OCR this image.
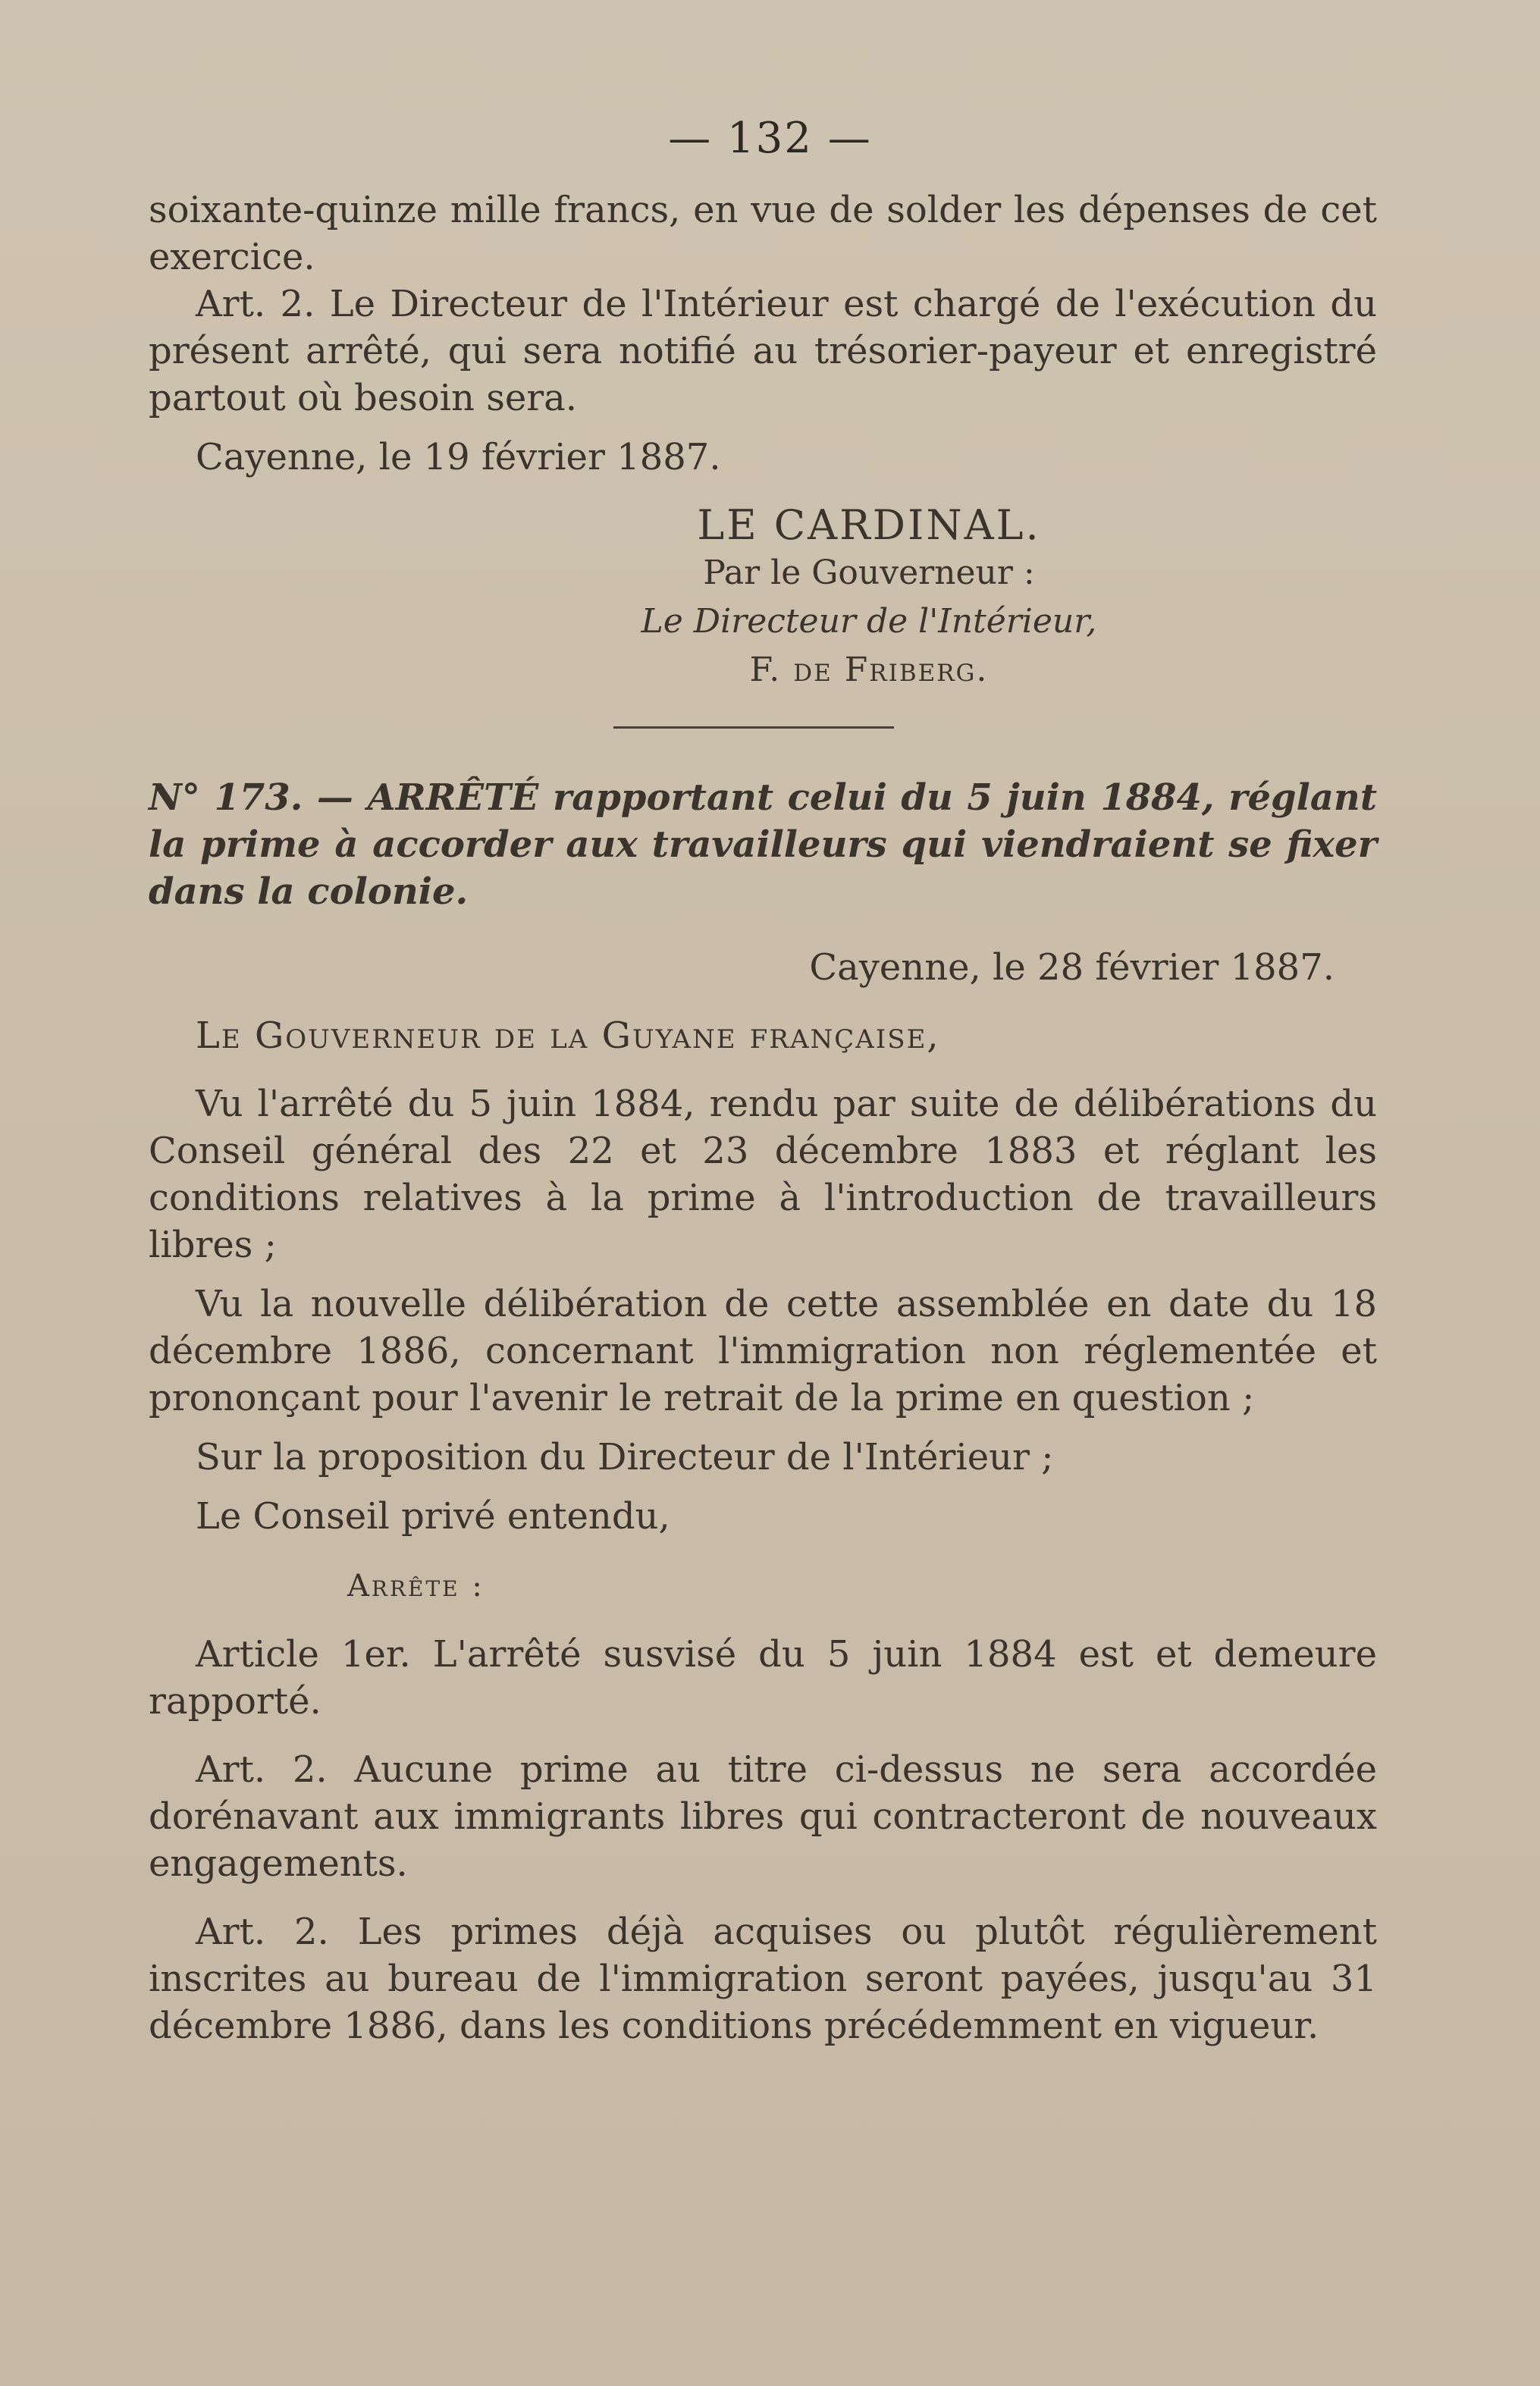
— 132 —

soixante-quinze mille francs, en vue de solder les dépenses de cet exercice.

Art. 2. Le Directeur de l'Intérieur est chargé de l'exécution du présent arrêté, qui sera notifié au trésorier-payeur et enregistré partout où besoin sera.

Cayenne, le 19 février 1887.

LE CARDINAL.
Par le Gouverneur :
Le Directeur de l'Intérieur,
F. de Friberg.

N° 173. — ARRÊTÉ rapportant celui du 5 juin 1884, réglant la prime à accorder aux travailleurs qui viendraient se fixer dans la colonie.

Cayenne, le 28 février 1887.

Le Gouverneur de la Guyane française,

Vu l'arrêté du 5 juin 1884, rendu par suite de délibérations du Conseil général des 22 et 23 décembre 1883 et réglant les conditions relatives à la prime à l'introduction de travailleurs libres ;

Vu la nouvelle délibération de cette assemblée en date du 18 décembre 1886, concernant l'immigration non réglementée et prononçant pour l'avenir le retrait de la prime en question ;

Sur la proposition du Directeur de l'Intérieur ;

Le Conseil privé entendu,

Arrête :

Article 1er. L'arrêté susvisé du 5 juin 1884 est et demeure rapporté.

Art. 2. Aucune prime au titre ci-dessus ne sera accordée dorénavant aux immigrants libres qui contracteront de nouveaux engagements.

Art. 2. Les primes déjà acquises ou plutôt régulièrement inscrites au bureau de l'immigration seront payées, jusqu'au 31 décembre 1886, dans les conditions précédemment en vigueur.
